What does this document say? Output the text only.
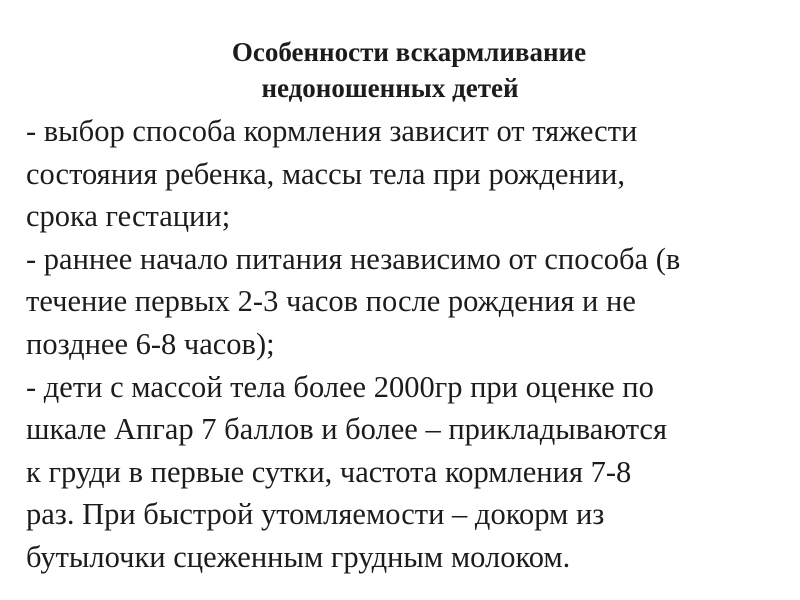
Особенности вскармливание
недоношенных детей
- выбор способа кормления зависит от тяжести
состояния ребенка, массы тела при рождении,
срока гестации;
- раннее начало питания независимо от способа (в
течение первых 2-3 часов после рождения и не
позднее 6-8 часов);
- дети с массой тела более 2000гр при оценке по
шкале Апгар 7 баллов и более – прикладываются
к груди в первые сутки, частота кормления 7-8
раз. При быстрой утомляемости – докорм из
бутылочки сцеженным грудным молоком.
